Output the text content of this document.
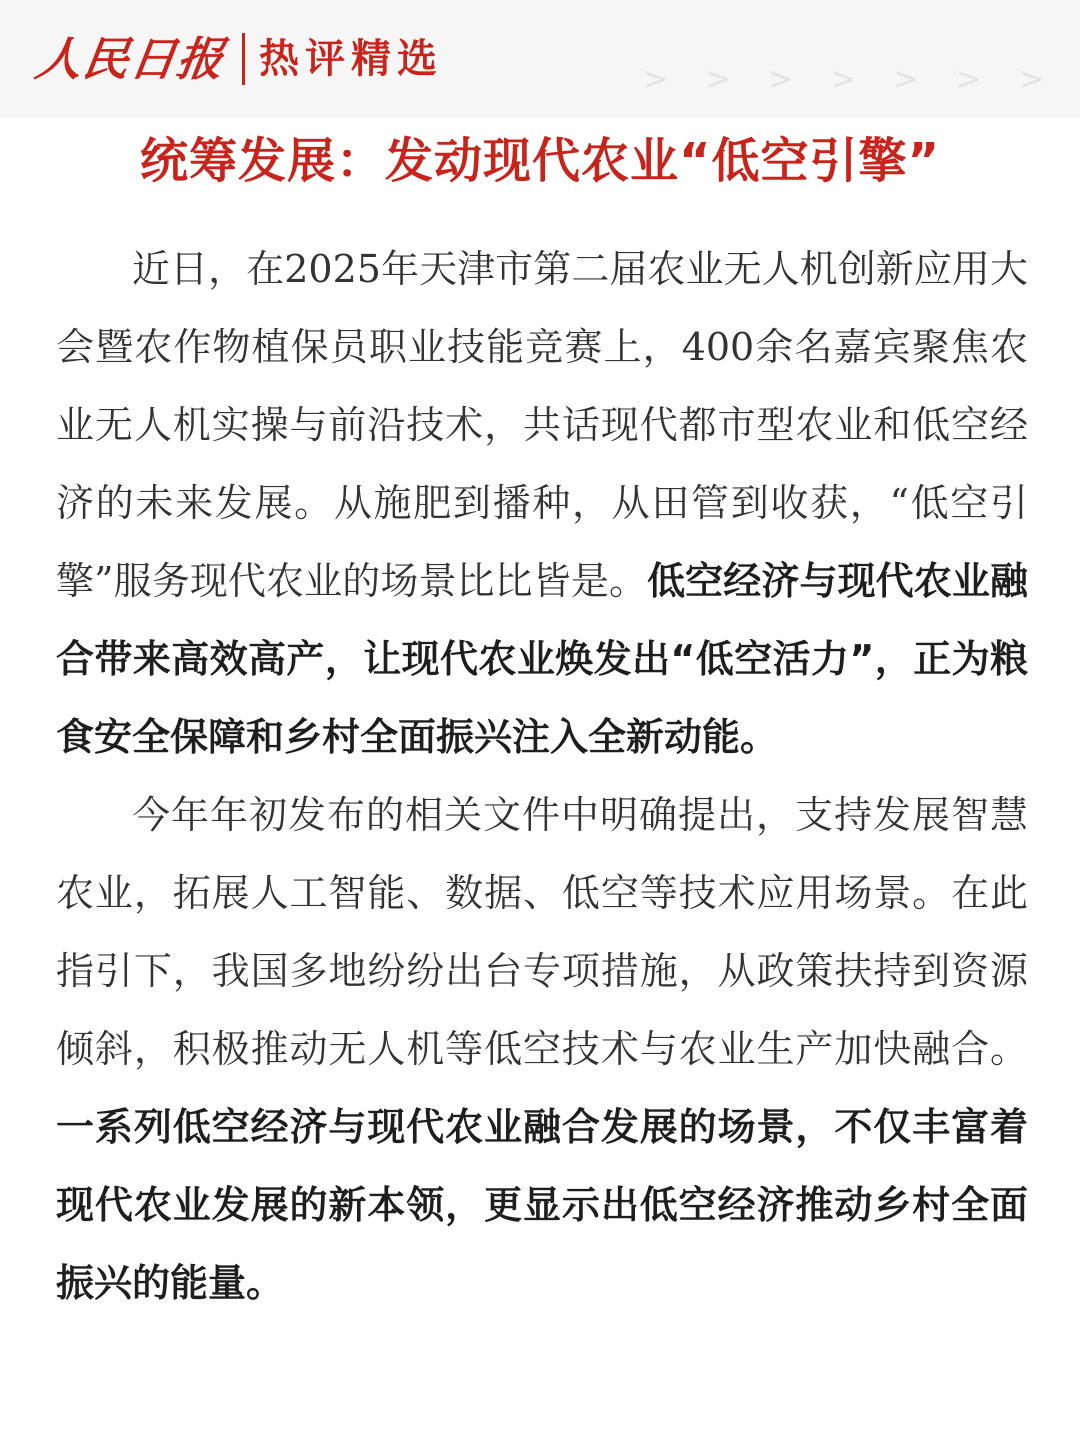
人民日报 热评精选	> > > > > > >
统筹发展：发动现代农业“低空引擎”

近日，在2025年天津市第二届农业无人机创新应用大会暨农作物植保员职业技能竞赛上，400余名嘉宾聚焦农业无人机实操与前沿技术，共话现代都市型农业和低空经济的未来发展。从施肥到播种，从田管到收获，“低空引擎”服务现代农业的场景比比皆是。低空经济与现代农业融合带来高效高产，让现代农业焕发出“低空活力”，正为粮食安全保障和乡村全面振兴注入全新动能。

今年年初发布的相关文件中明确提出，支持发展智慧农业，拓展人工智能、数据、低空等技术应用场景。在此指引下，我国多地纷纷出台专项措施，从政策扶持到资源倾斜，积极推动无人机等低空技术与农业生产加快融合。一系列低空经济与现代农业融合发展的场景，不仅丰富着现代农业发展的新本领，更显示出低空经济推动乡村全面振兴的能量。
